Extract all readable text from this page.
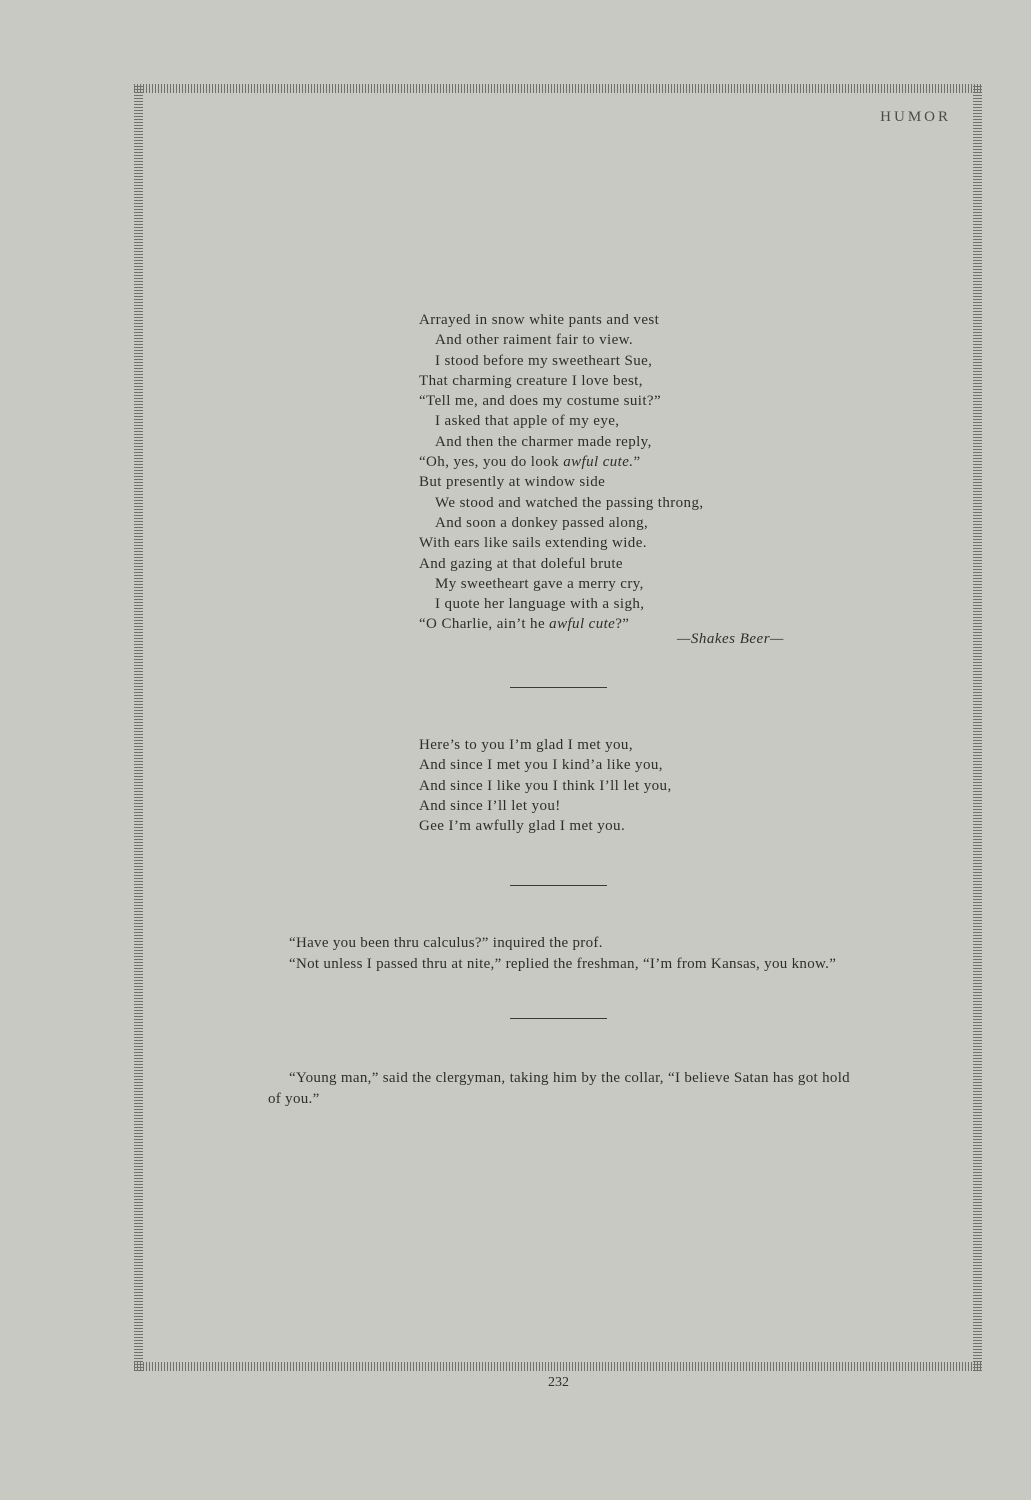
HUMOR
Arrayed in snow white pants and vest
And other raiment fair to view.
I stood before my sweetheart Sue,
That charming creature I love best,
“Tell me, and does my costume suit?”
I asked that apple of my eye,
And then the charmer made reply,
“Oh, yes, you do look awful cute.”
But presently at window side
We stood and watched the passing throng,
And soon a donkey passed along,
With ears like sails extending wide.
And gazing at that doleful brute
My sweetheart gave a merry cry,
I quote her language with a sigh,
“O Charlie, ain’t he awful cute?”
—Shakes Beer—
Here’s to you I’m glad I met you,
And since I met you I kind’a like you,
And since I like you I think I’ll let you,
And since I’ll let you!
Gee I’m awfully glad I met you.

“Have you been thru calculus?” inquired the prof.

“Not unless I passed thru at nite,” replied the freshman, “I’m from Kansas, you know.”

“Young man,” said the clergyman, taking him by the collar, “I believe Satan has got hold of you.”

232
